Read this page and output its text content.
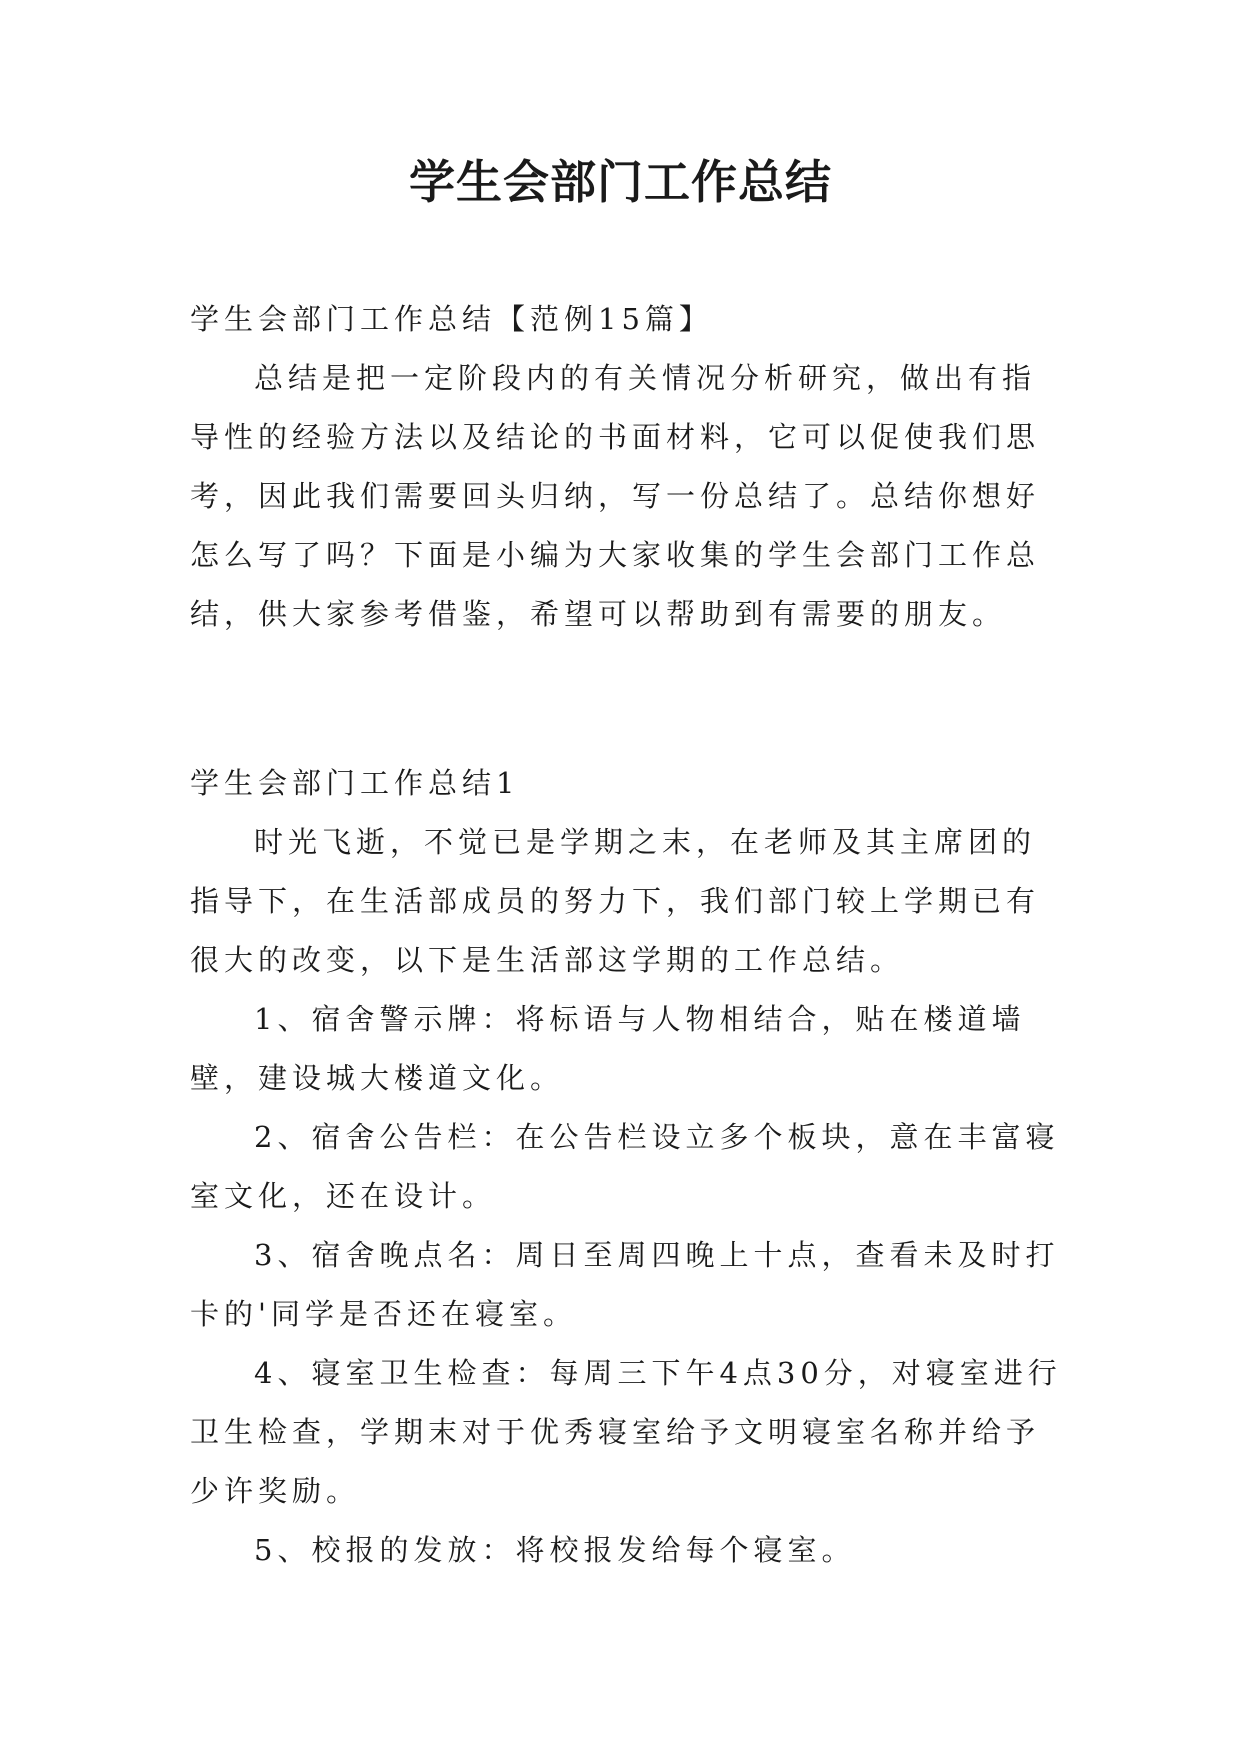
学生会部门工作总结

学生会部门工作总结【范例15篇】

总结是把一定阶段内的有关情况分析研究，做出有指导性的经验方法以及结论的书面材料，它可以促使我们思考，因此我们需要回头归纳，写一份总结了。总结你想好怎么写了吗？下面是小编为大家收集的学生会部门工作总结，供大家参考借鉴，希望可以帮助到有需要的朋友。

学生会部门工作总结1

时光飞逝，不觉已是学期之末，在老师及其主席团的指导下，在生活部成员的努力下，我们部门较上学期已有很大的改变，以下是生活部这学期的工作总结。

1、宿舍警示牌：将标语与人物相结合，贴在楼道墙壁，建设城大楼道文化。

2、宿舍公告栏：在公告栏设立多个板块，意在丰富寝室文化，还在设计。

3、宿舍晚点名：周日至周四晚上十点，查看未及时打卡的'同学是否还在寝室。

4、寝室卫生检查：每周三下午4点30分，对寝室进行卫生检查，学期末对于优秀寝室给予文明寝室名称并给予少许奖励。

5、校报的发放：将校报发给每个寝室。
